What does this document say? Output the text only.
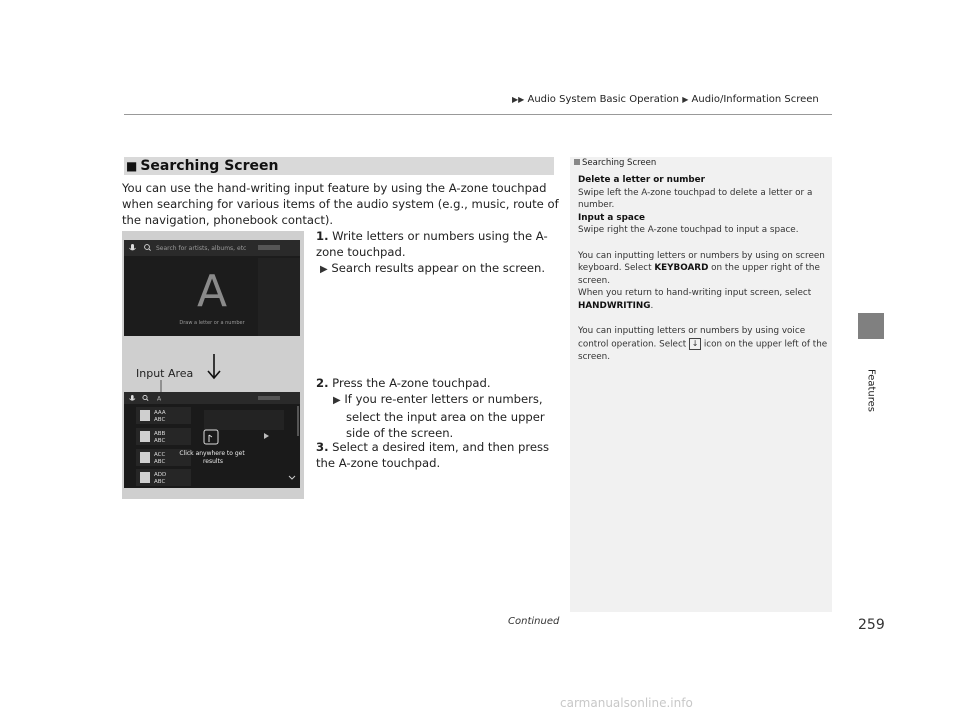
▶▶ Audio System Basic Operation ▶ Audio/Information Screen
Features
■ Searching Screen
You can use the hand-writing input feature by using the A-zone touchpad when searching for various items of the audio system (e.g., music, route of the navigation, phonebook contact).
Search for artists, albums, etc
A
Draw a letter or a number
Input Area
A
AAA
ABC
ABB
ABC
ACC
ABC
ADD
ABC
Click anywhere to get results
1. Write letters or numbers using the A-zone touchpad.
▶ Search results appear on the screen.
2. Press the A-zone touchpad.
▶ If you re-enter letters or numbers, select the input area on the upper side of the screen.
3. Select a desired item, and then press the A-zone touchpad.
Searching Screen
Delete a letter or number
Swipe left the A-zone touchpad to delete a letter or a number.
Input a space
Swipe right the A-zone touchpad to input a space.
You can inputting letters or numbers by using on screen keyboard. Select KEYBOARD on the upper right of the screen.
When you return to hand-writing input screen, select HANDWRITING.
You can inputting letters or numbers by using voice control operation. Select ↓ icon on the upper left of the screen.
Continued	259
carmanualsonline.info
